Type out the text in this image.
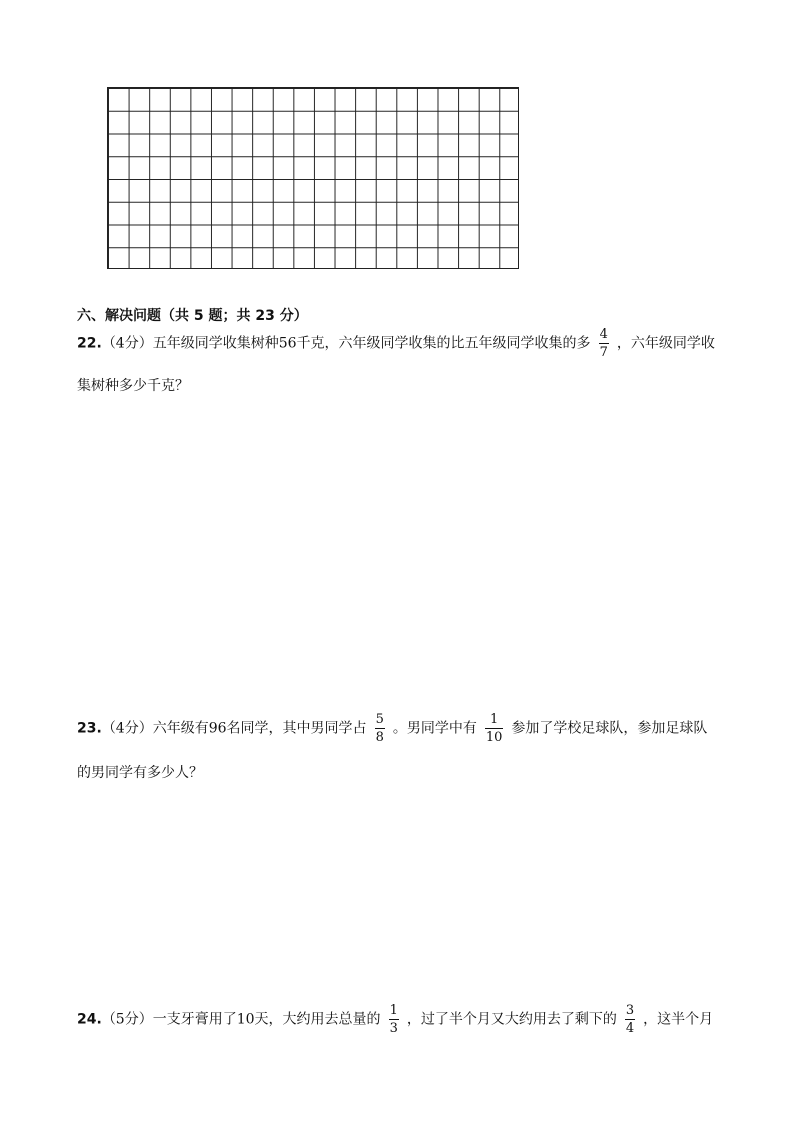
六、解决问题（共 5 题；共 23 分）
22.（4分）五年级同学收集树种56千克，六年级同学收集的比五年级同学收集的多 $\frac{4}{7}$ ，六年级同学收
集树种多少千克？
23.（4分）六年级有96名同学，其中男同学占 $\frac{5}{8}$ 。男同学中有 $\frac{1}{10}$ 参加了学校足球队，参加足球队
的男同学有多少人？
24.（5分）一支牙膏用了10天，大约用去总量的 $\frac{1}{3}$ ，过了半个月又大约用去了剩下的 $\frac{3}{4}$ ，这半个月
